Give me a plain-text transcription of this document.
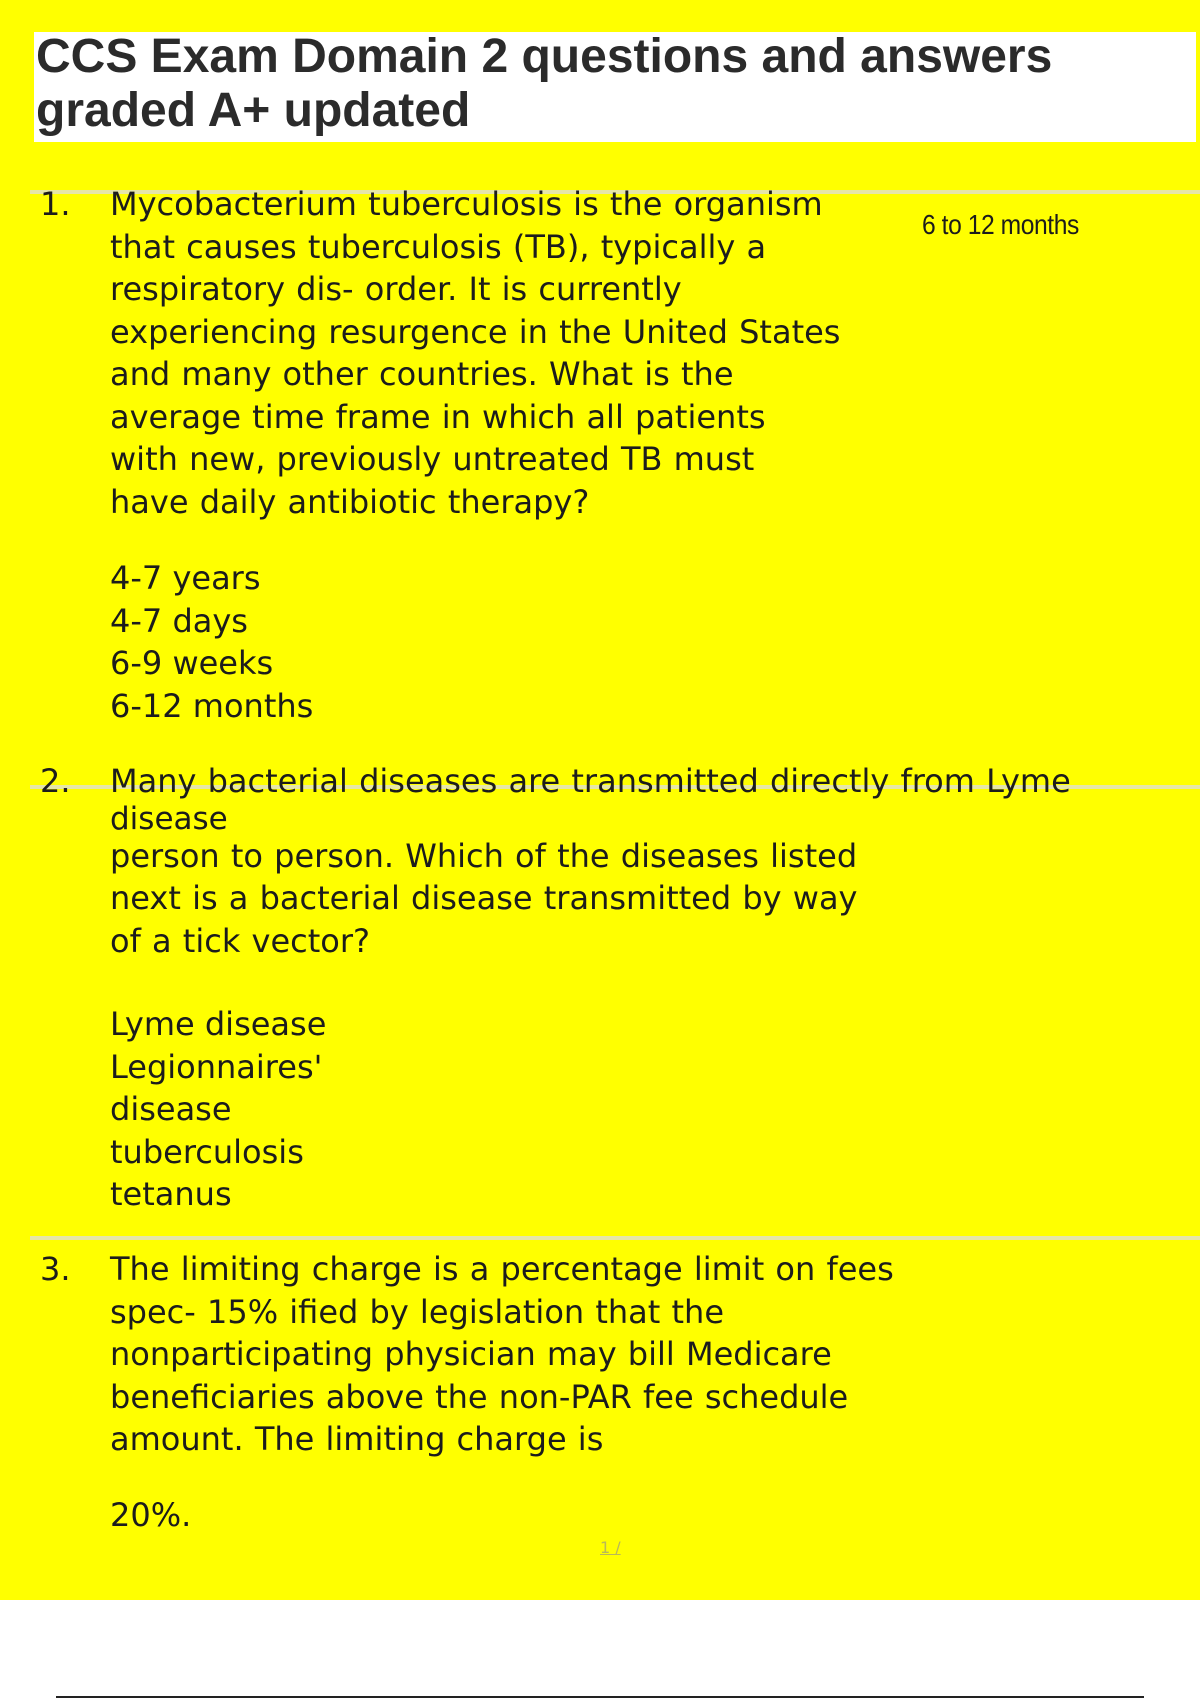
CCS Exam Domain 2 questions and answers graded A+ updated
1. Mycobacterium tuberculosis is the organism
that causes tuberculosis (TB), typically a
respiratory dis- order. It is currently
experiencing resurgence in the United States
and many other countries. What is the
average time frame in which all patients
with new, previously untreated TB must
have daily antibiotic therapy?
6 to 12 months
4-7 years
4-7 days
6-9 weeks
6-12 months
2. Many bacterial diseases are transmitted directly from Lyme
disease
person to person. Which of the diseases listed
next is a bacterial disease transmitted by way
of a tick vector?
Lyme disease
Legionnaires'
disease
tuberculosis
tetanus
3. The limiting charge is a percentage limit on fees
spec- 15% ified by legislation that the
nonparticipating physician may bill Medicare
beneficiaries above the non-PAR fee schedule
amount. The limiting charge is
20%.
1 /
